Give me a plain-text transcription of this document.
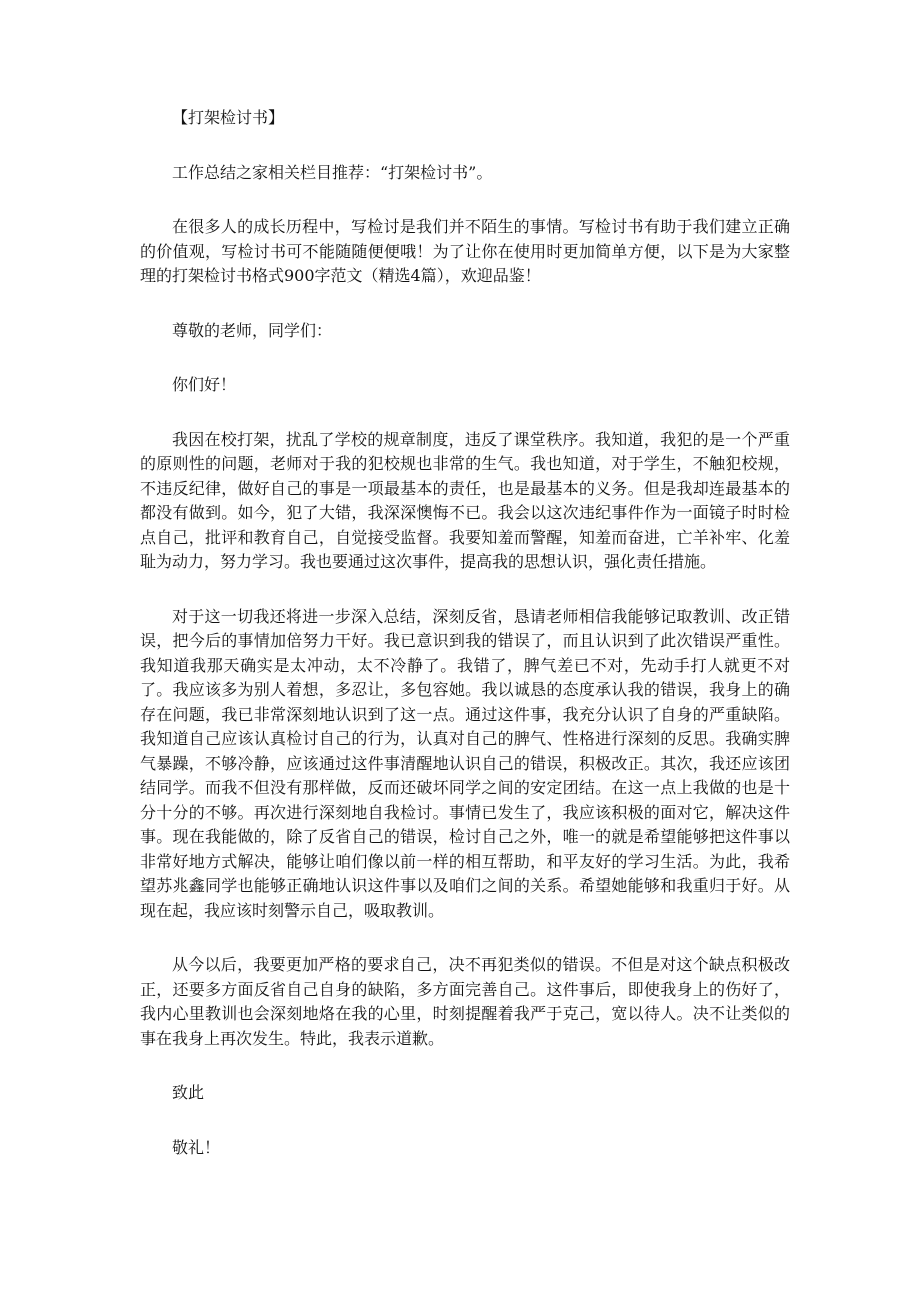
【打架检讨书】

工作总结之家相关栏目推荐：“打架检讨书”。

在很多人的成长历程中，写检讨是我们并不陌生的事情。写检讨书有助于我们建立正确的价值观，写检讨书可不能随随便便哦！为了让你在使用时更加简单方便，以下是为大家整理的打架检讨书格式900字范文（精选4篇），欢迎品鉴！

尊敬的老师，同学们：

你们好！

我因在校打架，扰乱了学校的规章制度，违反了课堂秩序。我知道，我犯的是一个严重的原则性的问题，老师对于我的犯校规也非常的生气。我也知道，对于学生，不触犯校规，不违反纪律，做好自己的事是一项最基本的责任，也是最基本的义务。但是我却连最基本的都没有做到。如今，犯了大错，我深深懊悔不已。我会以这次违纪事件作为一面镜子时时检点自己，批评和教育自己，自觉接受监督。我要知羞而警醒，知羞而奋进，亡羊补牢、化羞耻为动力，努力学习。我也要通过这次事件，提高我的思想认识，强化责任措施。

对于这一切我还将进一步深入总结，深刻反省，恳请老师相信我能够记取教训、改正错误，把今后的事情加倍努力干好。我已意识到我的错误了，而且认识到了此次错误严重性。我知道我那天确实是太冲动，太不冷静了。我错了，脾气差已不对，先动手打人就更不对了。我应该多为别人着想，多忍让，多包容她。我以诚恳的态度承认我的错误，我身上的确存在问题，我已非常深刻地认识到了这一点。通过这件事，我充分认识了自身的严重缺陷。我知道自己应该认真检讨自己的行为，认真对自己的脾气、性格进行深刻的反思。我确实脾气暴躁，不够冷静，应该通过这件事清醒地认识自己的错误，积极改正。其次，我还应该团结同学。而我不但没有那样做，反而还破坏同学之间的安定团结。在这一点上我做的也是十分十分的不够。再次进行深刻地自我检讨。事情已发生了，我应该积极的面对它，解决这件事。现在我能做的，除了反省自己的错误，检讨自己之外，唯一的就是希望能够把这件事以非常好地方式解决，能够让咱们像以前一样的相互帮助，和平友好的学习生活。为此，我希望苏兆鑫同学也能够正确地认识这件事以及咱们之间的关系。希望她能够和我重归于好。从现在起，我应该时刻警示自己，吸取教训。

从今以后，我要更加严格的要求自己，决不再犯类似的错误。不但是对这个缺点积极改正，还要多方面反省自己自身的缺陷，多方面完善自己。这件事后，即使我身上的伤好了，我内心里教训也会深刻地烙在我的心里，时刻提醒着我严于克己，宽以待人。决不让类似的事在我身上再次发生。特此，我表示道歉。

致此

敬礼！
